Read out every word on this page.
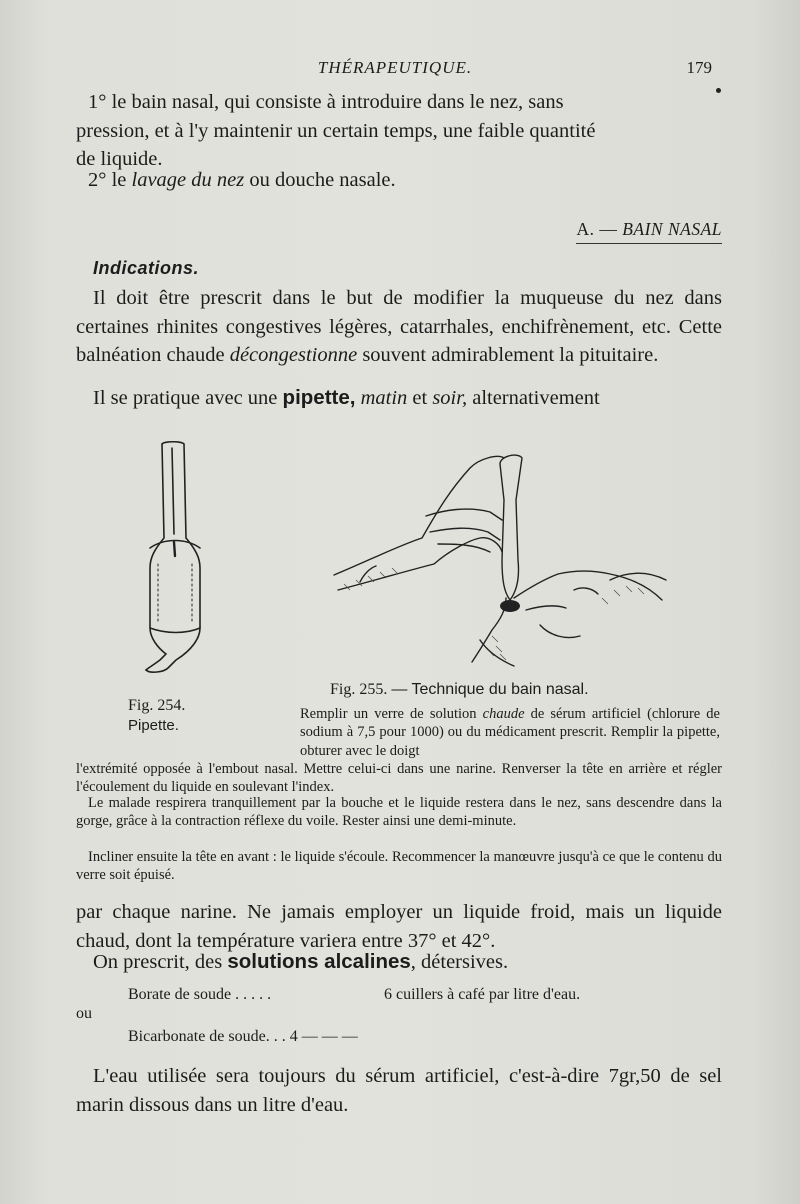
THÉRAPEUTIQUE.	179
1° le bain nasal, qui consiste à introduire dans le nez, sans
pression, et à l'y maintenir un certain temps, une faible quantité
de liquide.
2° le lavage du nez ou douche nasale.
A. — BAIN NASAL
Indications.
Il doit être prescrit dans le but de modifier la muqueuse du nez dans certaines rhinites congestives légères, catarrhales, enchifrènement, etc. Cette balnéation chaude décongestionne souvent admirablement la pituitaire.
Il se pratique avec une pipette, matin et soir, alternativement
Fig. 255. — Technique du bain nasal.
Fig. 254.
Pipette.
Remplir un verre de solution chaude de sérum artificiel (chlorure de sodium à 7,5 pour 1000) ou du médicament prescrit. Remplir la pipette, obturer avec le doigt
l'extrémité opposée à l'embout nasal. Mettre celui-ci dans une narine. Renverser la tête en arrière et régler l'écoulement du liquide en soulevant l'index.
Le malade respirera tranquillement par la bouche et le liquide restera dans le nez, sans descendre dans la gorge, grâce à la contraction réflexe du voile. Rester ainsi une demi-minute.
Incliner ensuite la tête en avant : le liquide s'écoule. Recommencer la manœuvre jusqu'à ce que le contenu du verre soit épuisé.
par chaque narine. Ne jamais employer un liquide froid, mais un liquide chaud, dont la température variera entre 37° et 42°.
On prescrit, des solutions alcalines, détersives.
Borate de soude . . . . .	6 cuillers à café par litre d'eau.
ou
Bicarbonate de soude. . . 4 — — —
L'eau utilisée sera toujours du sérum artificiel, c'est-à-dire 7gr,50 de sel marin dissous dans un litre d'eau.
